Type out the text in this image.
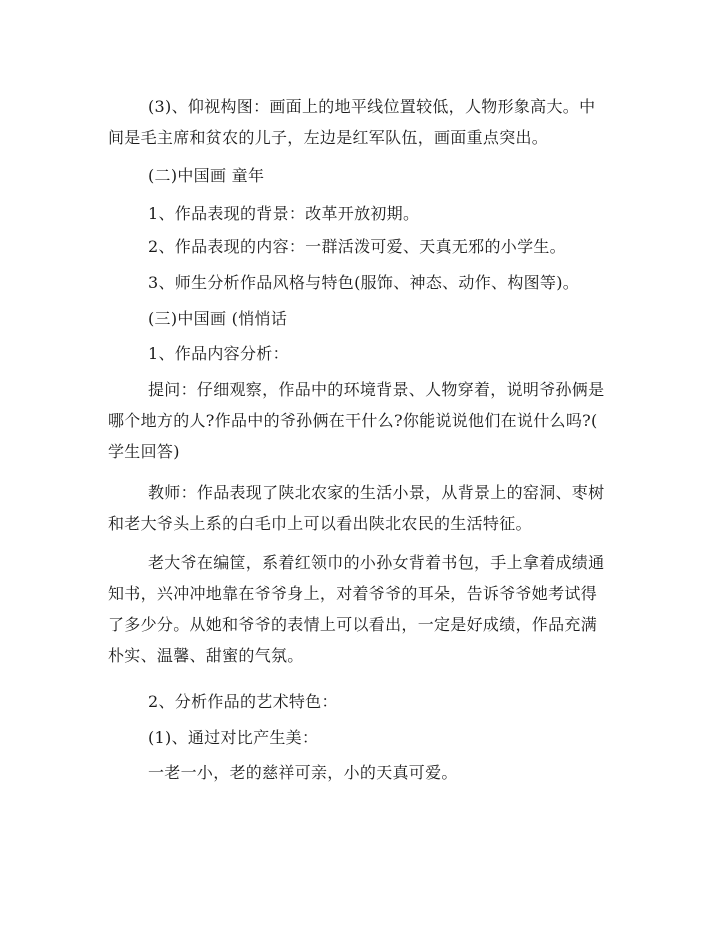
(3)、仰视构图：画面上的地平线位置较低，人物形象高大。中
间是毛主席和贫农的儿子，左边是红军队伍，画面重点突出。

(二)中国画 童年

1、作品表现的背景：改革开放初期。

2、作品表现的内容：一群活泼可爱、天真无邪的小学生。

3、师生分析作品风格与特色(服饰、神态、动作、构图等)。

(三)中国画 (悄悄话

1、作品内容分析：

提问：仔细观察，作品中的环境背景、人物穿着，说明爷孙俩是
哪个地方的人?作品中的爷孙俩在干什么?你能说说他们在说什么吗?(
学生回答)

教师：作品表现了陕北农家的生活小景，从背景上的窑洞、枣树
和老大爷头上系的白毛巾上可以看出陕北农民的生活特征。

老大爷在编筐，系着红领巾的小孙女背着书包，手上拿着成绩通
知书，兴冲冲地靠在爷爷身上，对着爷爷的耳朵，告诉爷爷她考试得
了多少分。从她和爷爷的表情上可以看出，一定是好成绩，作品充满
朴实、温馨、甜蜜的气氛。

2、分析作品的艺术特色：

(1)、通过对比产生美：

一老一小，老的慈祥可亲，小的天真可爱。
